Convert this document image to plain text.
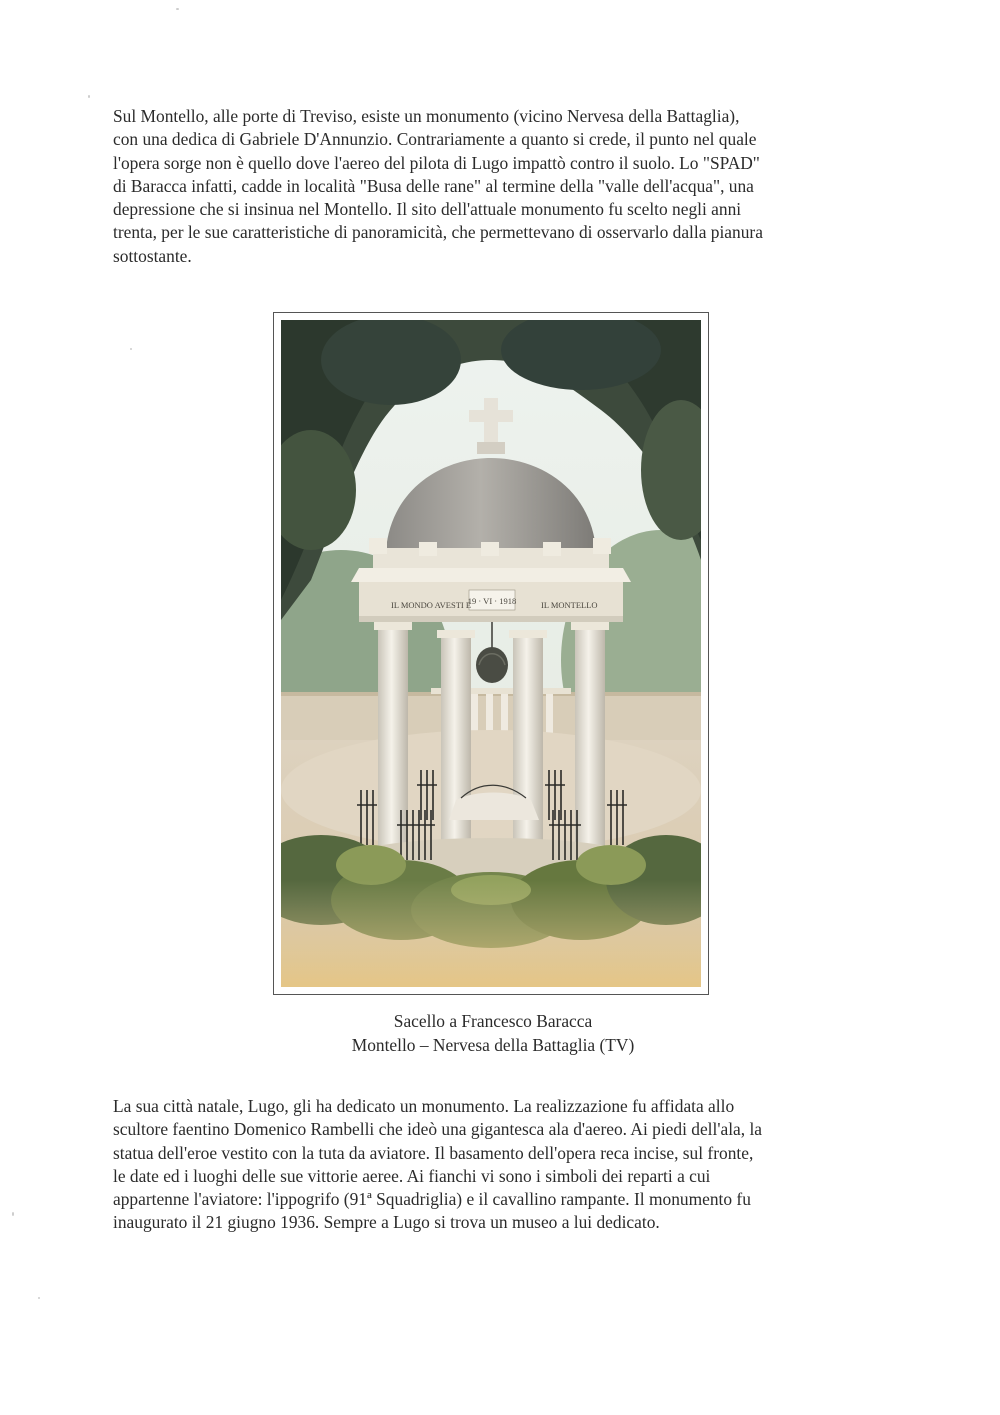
Sul Montello, alle porte di Treviso, esiste un monumento (vicino Nervesa della Battaglia),
con una dedica di Gabriele D'Annunzio. Contrariamente a quanto si crede, il punto nel quale
l'opera sorge non è quello dove l'aereo del pilota di Lugo impattò contro il suolo. Lo "SPAD"
di Baracca infatti, cadde in località "Busa delle rane" al termine della "valle dell'acqua", una
depressione che si insinua nel Montello. Il sito dell'attuale monumento fu scelto negli anni
trenta, per le sue caratteristiche di panoramicità, che permettevano di osservarlo dalla pianura
sottostante.

IL MONDO AVESTI E
19 · VI · 1918	IL MONTELLO
Sacello a Francesco Baracca
Montello – Nervesa della Battaglia (TV)

La sua città natale, Lugo, gli ha dedicato un monumento. La realizzazione fu affidata allo
scultore faentino Domenico Rambelli che ideò una gigantesca ala d'aereo. Ai piedi dell'ala, la
statua dell'eroe vestito con la tuta da aviatore. Il basamento dell'opera reca incise, sul fronte,
le date ed i luoghi delle sue vittorie aeree. Ai fianchi vi sono i simboli dei reparti a cui
appartenne l'aviatore: l'ippogrifo (91ª Squadriglia) e il cavallino rampante. Il monumento fu
inaugurato il 21 giugno 1936. Sempre a Lugo si trova un museo a lui dedicato.
